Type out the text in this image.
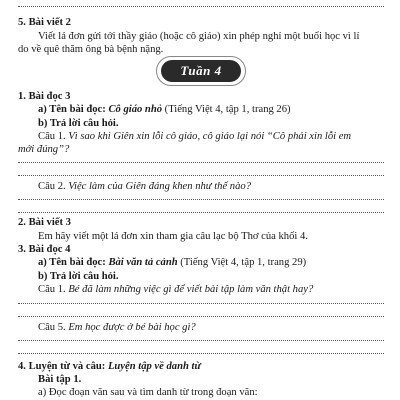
5. Bài viết 2
Viết lá đơn gửi tới thầy giáo (hoặc cô giáo) xin phép nghỉ một buổi học vì lí
do về quê thăm ông bà bệnh nặng.
Tuần 4
1. Bài đọc 3
a) Tên bài đọc: Cô giáo nhỏ (Tiếng Việt 4, tập 1, trang 26)
b) Trả lời câu hỏi.
Câu 1. Vì sao khi Giên xin lỗi cô giáo, cô giáo lại nói “Cô phải xin lỗi em
mới đúng”?
Câu 2. Việc làm của Giên đáng khen như thế nào?
2. Bài viết 3
Em hãy viết một lá đơn xin tham gia câu lạc bộ Thơ của khối 4.
3. Bài đọc 4
a) Tên bài đọc: Bài văn tả cảnh (Tiếng Việt 4, tập 1, trang 29)
b) Trả lời câu hỏi.
Câu 1. Bé đã làm những việc gì để viết bài tập làm văn thật hay?
Câu 5. Em học được ở bé bài học gì?
4. Luyện từ và câu: Luyện tập về danh từ
Bài tập 1.
a) Đọc đoạn văn sau và tìm danh từ trong đoạn văn:
